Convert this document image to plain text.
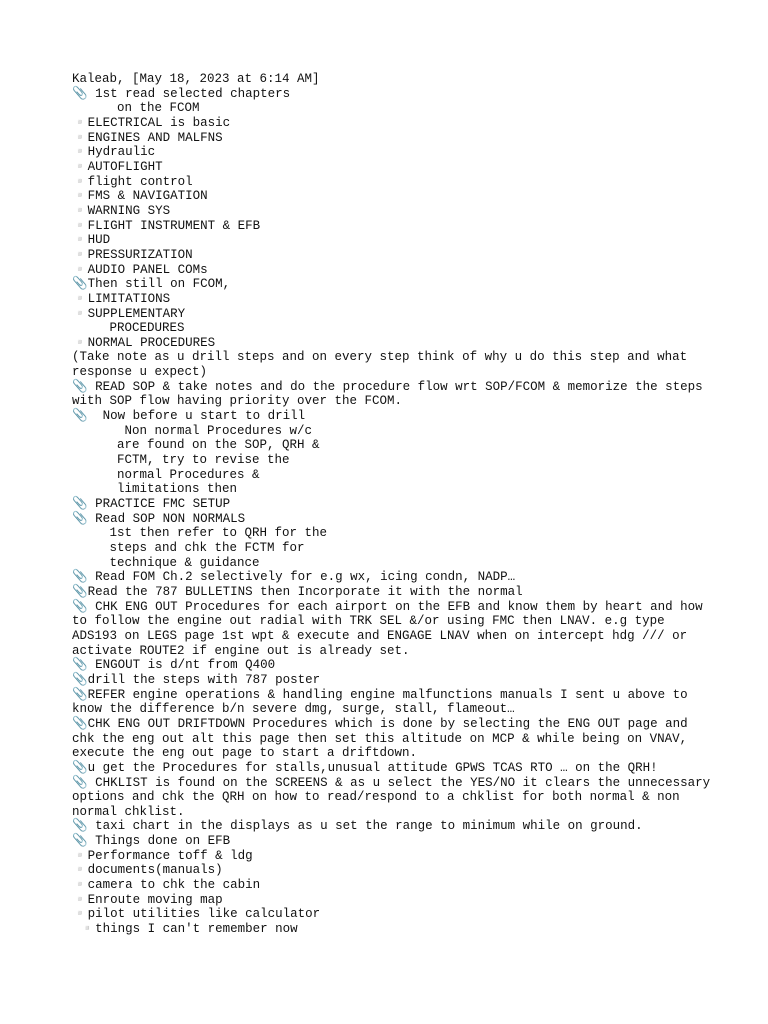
Kaleab, [May 18, 2023 at 6:14 AM]
📎 1st read selected chapters
on the FCOM
▫️ELECTRICAL is basic
▫️ENGINES AND MALFNS
▫️Hydraulic
▫️AUTOFLIGHT
▫️flight control
▫️FMS & NAVIGATION
▫️WARNING SYS
▫️FLIGHT INSTRUMENT & EFB
▫️HUD
▫️PRESSURIZATION
▫️AUDIO PANEL COMs
📎Then still on FCOM,
▫️LIMITATIONS
▫️SUPPLEMENTARY
PROCEDURES
▫️NORMAL PROCEDURES
(Take note as u drill steps and on every step think of why u do this step and what response u expect)
📎 READ SOP & take notes and do the procedure flow wrt SOP/FCOM & memorize the steps with SOP flow having priority over the FCOM.
📎  Now before u start to drill
Non normal Procedures w/c
are found on the SOP, QRH &
FCTM, try to revise the
normal Procedures &
limitations then
📎 PRACTICE FMC SETUP
📎 Read SOP NON NORMALS
1st then refer to QRH for the
steps and chk the FCTM for
technique & guidance
📎 Read FOM Ch.2 selectively for e.g wx, icing condn, NADP…
📎Read the 787 BULLETINS then Incorporate it with the normal
📎 CHK ENG OUT Procedures for each airport on the EFB and know them by heart and how to follow the engine out radial with TRK SEL &/or using FMC then LNAV. e.g type ADS193 on LEGS page 1st wpt & execute and ENGAGE LNAV when on intercept hdg /// or activate ROUTE2 if engine out is already set.
📎 ENGOUT is d/nt from Q400
📎drill the steps with 787 poster
📎REFER engine operations & handling engine malfunctions manuals I sent u above to know the difference b/n severe dmg, surge, stall, flameout…
📎CHK ENG OUT DRIFTDOWN Procedures which is done by selecting the ENG OUT page and chk the eng out alt this page then set this altitude on MCP & while being on VNAV, execute the eng out page to start a driftdown.
📎u get the Procedures for stalls,unusual attitude GPWS TCAS RTO … on the QRH!
📎 CHKLIST is found on the SCREENS & as u select the YES/NO it clears the unnecessary options and chk the QRH on how to read/respond to a chklist for both normal & non normal chklist.
📎 taxi chart in the displays as u set the range to minimum while on ground.
📎 Things done on EFB
▫️Performance toff & ldg
▫️documents(manuals)
▫️camera to chk the cabin
▫️Enroute moving map
▫️pilot utilities like calculator
▫️things I can't remember now
